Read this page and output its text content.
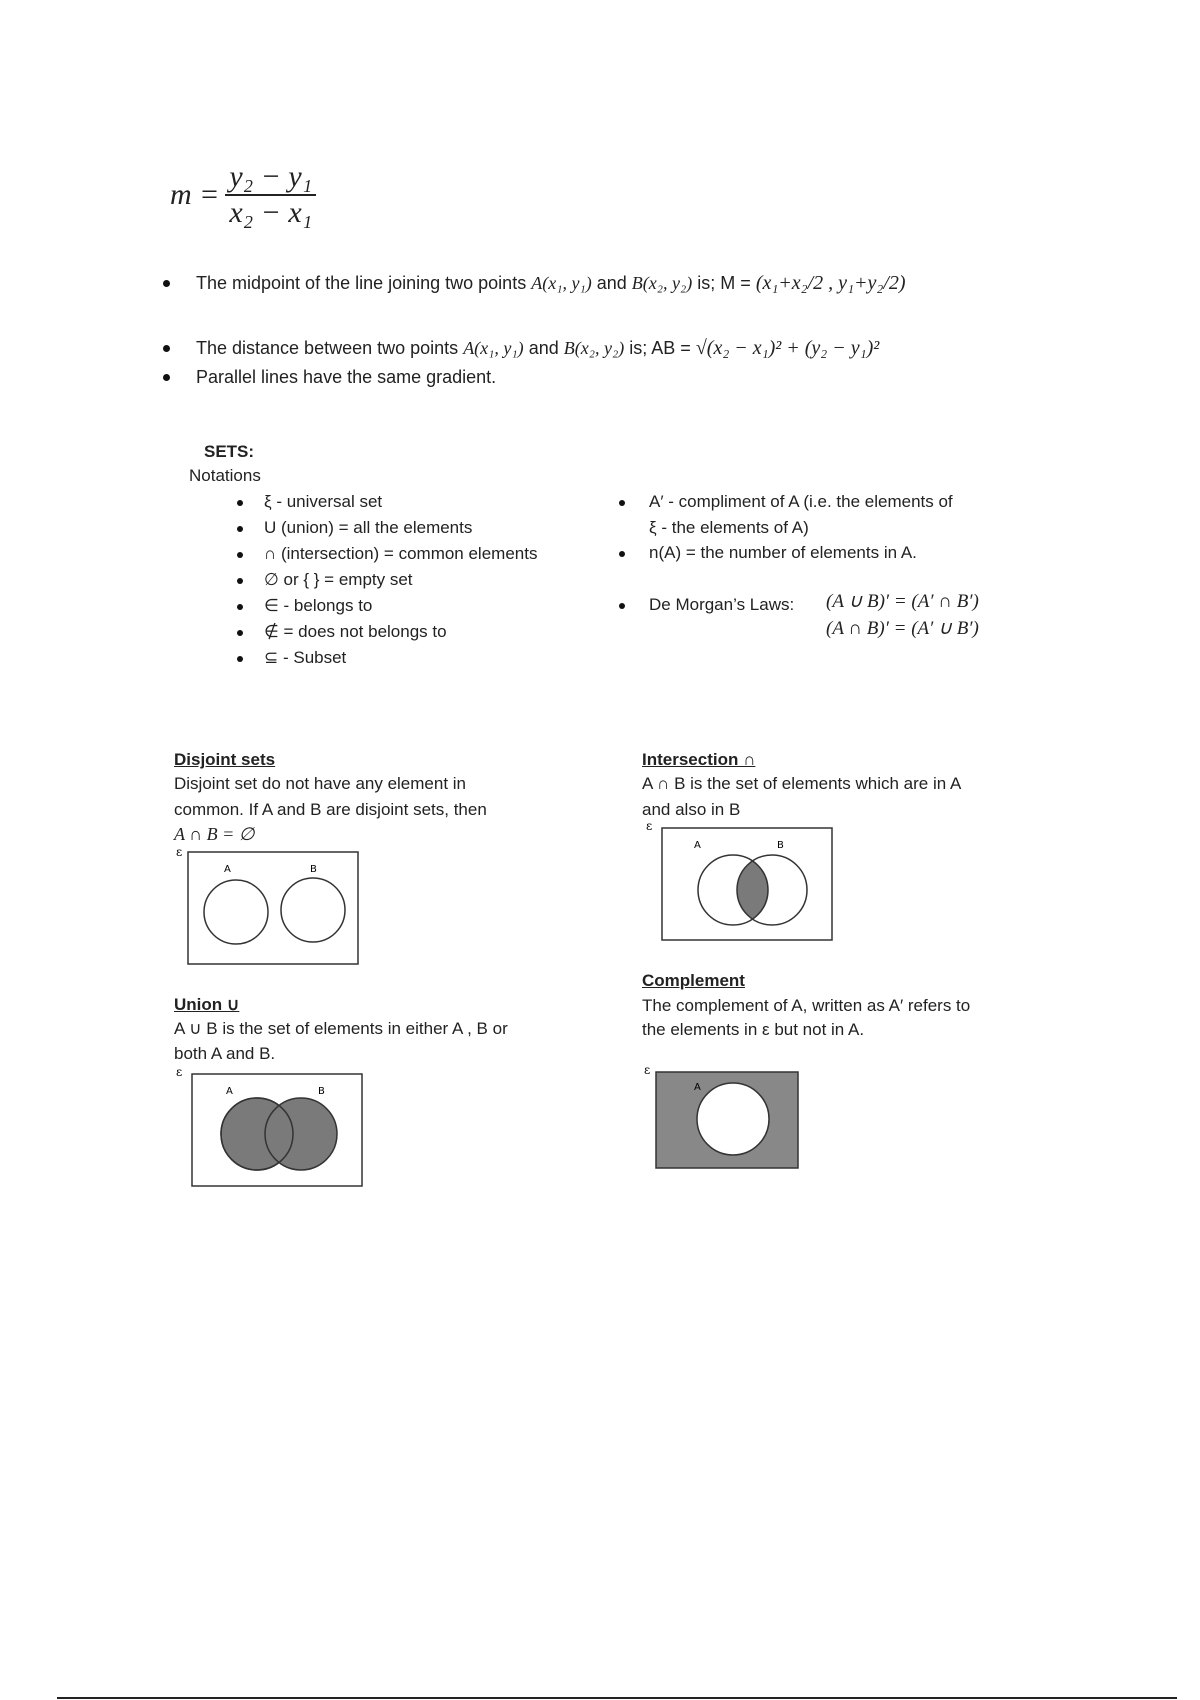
$m = \frac{\text{y₂ − y₁}}{\text{x₂ − x₁}}$
The midpoint of the line joining two points A(x₁, y₁) and B(x₂, y₂) is; M = (x₁+x₂/2 , y₁+y₂/2)
The distance between two points A(x₁, y₁) and B(x₂, y₂) is; AB = √(x₂ − x₁)² + (y₂ − y₁)²
Parallel lines have the same gradient.
SETS:
Notations
ξ - universal set
U (union) = all the elements
∩ (intersection) = common elements
∅ or { } = empty set
∈ - belongs to
∉ = does not belongs to
⊆ - Subset
A′ - compliment of A (i.e. the elements of
ξ - the elements of A)
n(A) = the number of elements in A.
De Morgan’s Laws: (A ∪ B)′ = (A′ ∩ B′)
(A ∩ B)′ = (A′ ∪ B′)
Disjoint sets
Disjoint set do not have any element in
common. If A and B are disjoint sets, then
A ∩ B = ∅
ε
A	B
Intersection ∩
A ∩ B is the set of elements which are in A
and also in B
ε
A	B
Complement
The complement of A, written as A′ refers to
the elements in ε but not in A.
ε
A
Union ∪
A ∪ B is the set of elements in either A , B or
both A and B.
ε
A	B
